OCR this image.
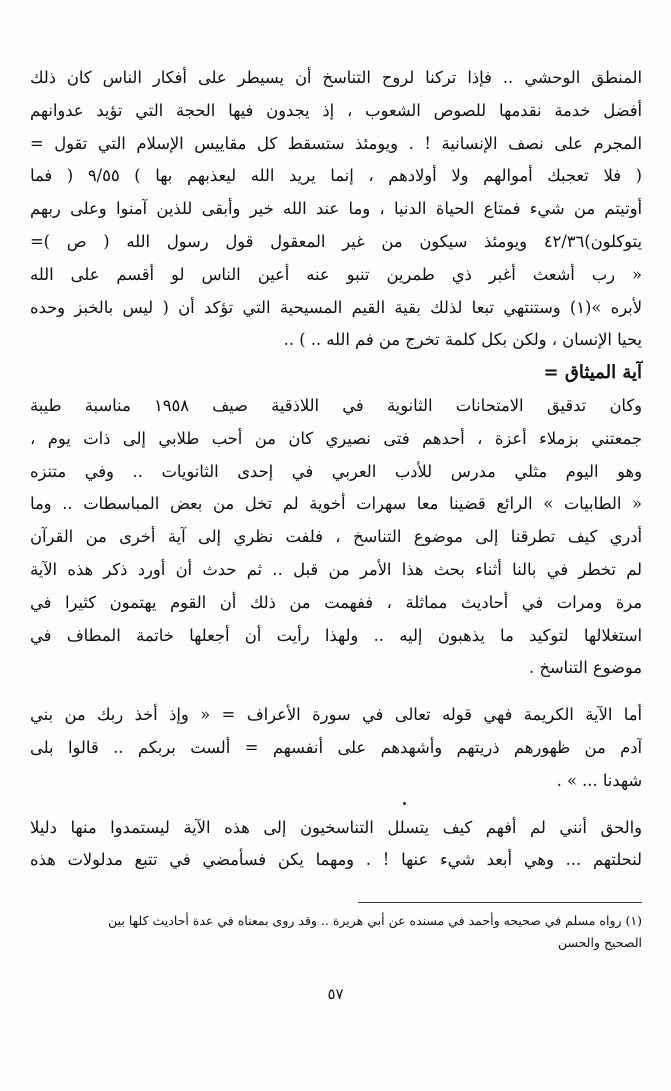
المنطق الوحشي .. فإذا تركنا لروح التناسخ أن يسيطر على أفكار الناس كان ذلك
أفضل خدمة نقدمها للصوص الشعوب ، إذ يجدون فيها الحجة التي تؤيد عدوانهم
المجرم على نصف الإنسانية ! . ويومئذ ستسقط كل مقاييس الإسلام التي تقول =
( فلا تعجبك أموالهم ولا أولادهم ، إنما يريد الله ليعذبهم بها ) ٩/٥٥ ( فما
أوتيتم من شيء فمتاع الحياة الدنيا ، وما عند الله خير وأبقى للذين آمنوا وعلى ربهم
يتوكلون)٤٢/٣٦ ويومئذ سيكون من غير المعقول قول رسول الله ( ص )=
« رب أشعث أغبر ذي طمرين تنبو عنه أعين الناس لو أقسم على الله
لأبره »(١) وستنتهي تبعا لذلك بقية القيم المسيحية التي تؤكد أن ( ليس بالخبز وحده
يحيا الإنسان ، ولكن بكل كلمة تخرج من فم الله .. ) ..
آية الميثاق =
وكان تدقيق الامتحانات الثانوية في اللاذقية صيف ١٩٥٨ مناسبة طيبة
جمعتني بزملاء أعزة ، أحدهم فتى نصيري كان من أحب طلابي إلى ذات يوم ،
وهو اليوم مثلي مدرس للأدب العربي في إحدى الثانويات .. وفي متنزه
« الطابيات » الرائع قضينا معا سهرات أخوية لم تخل من بعض المباسطات .. وما
أدري كيف تطرقنا إلى موضوع التناسخ ، فلفت نظري إلى آية أخرى من القرآن
لم تخطر في بالنا أثناء بحث هذا الأمر من قبل .. ثم حدث أن أورد ذكر هذه الآية
مرة ومرات في أحاديث مماثلة ، ففهمت من ذلك أن القوم يهتمون كثيرا في
استغلالها لتوكيد ما يذهبون إليه .. ولهذا رأيت أن أجعلها خاتمة المطاف في
موضوع التناسخ .
أما الآية الكريمة فهي قوله تعالى في سورة الأعراف = « وإذ أخذ ربك من بني
آدم من ظهورهم ذريتهم وأشهدهم على أنفسهم = ألست بربكم .. قالوا بلى
شهدنا ... » .
والحق أنني لم أفهم كيف يتسلل التناسخيون إلى هذه الآية ليستمدوا منها دليلا
لنحلتهم ... وهي أبعد شيء عنها ! . ومهما يكن فسأمضي في تتبع مدلولات هذه
(١) رواه مسلم في صحيحه وأحمد في مسنده عن أبي هريرة .. وقد روى بمعناه في عدة أحاديث كلها بين
الصحيح والحسن
٥٧
